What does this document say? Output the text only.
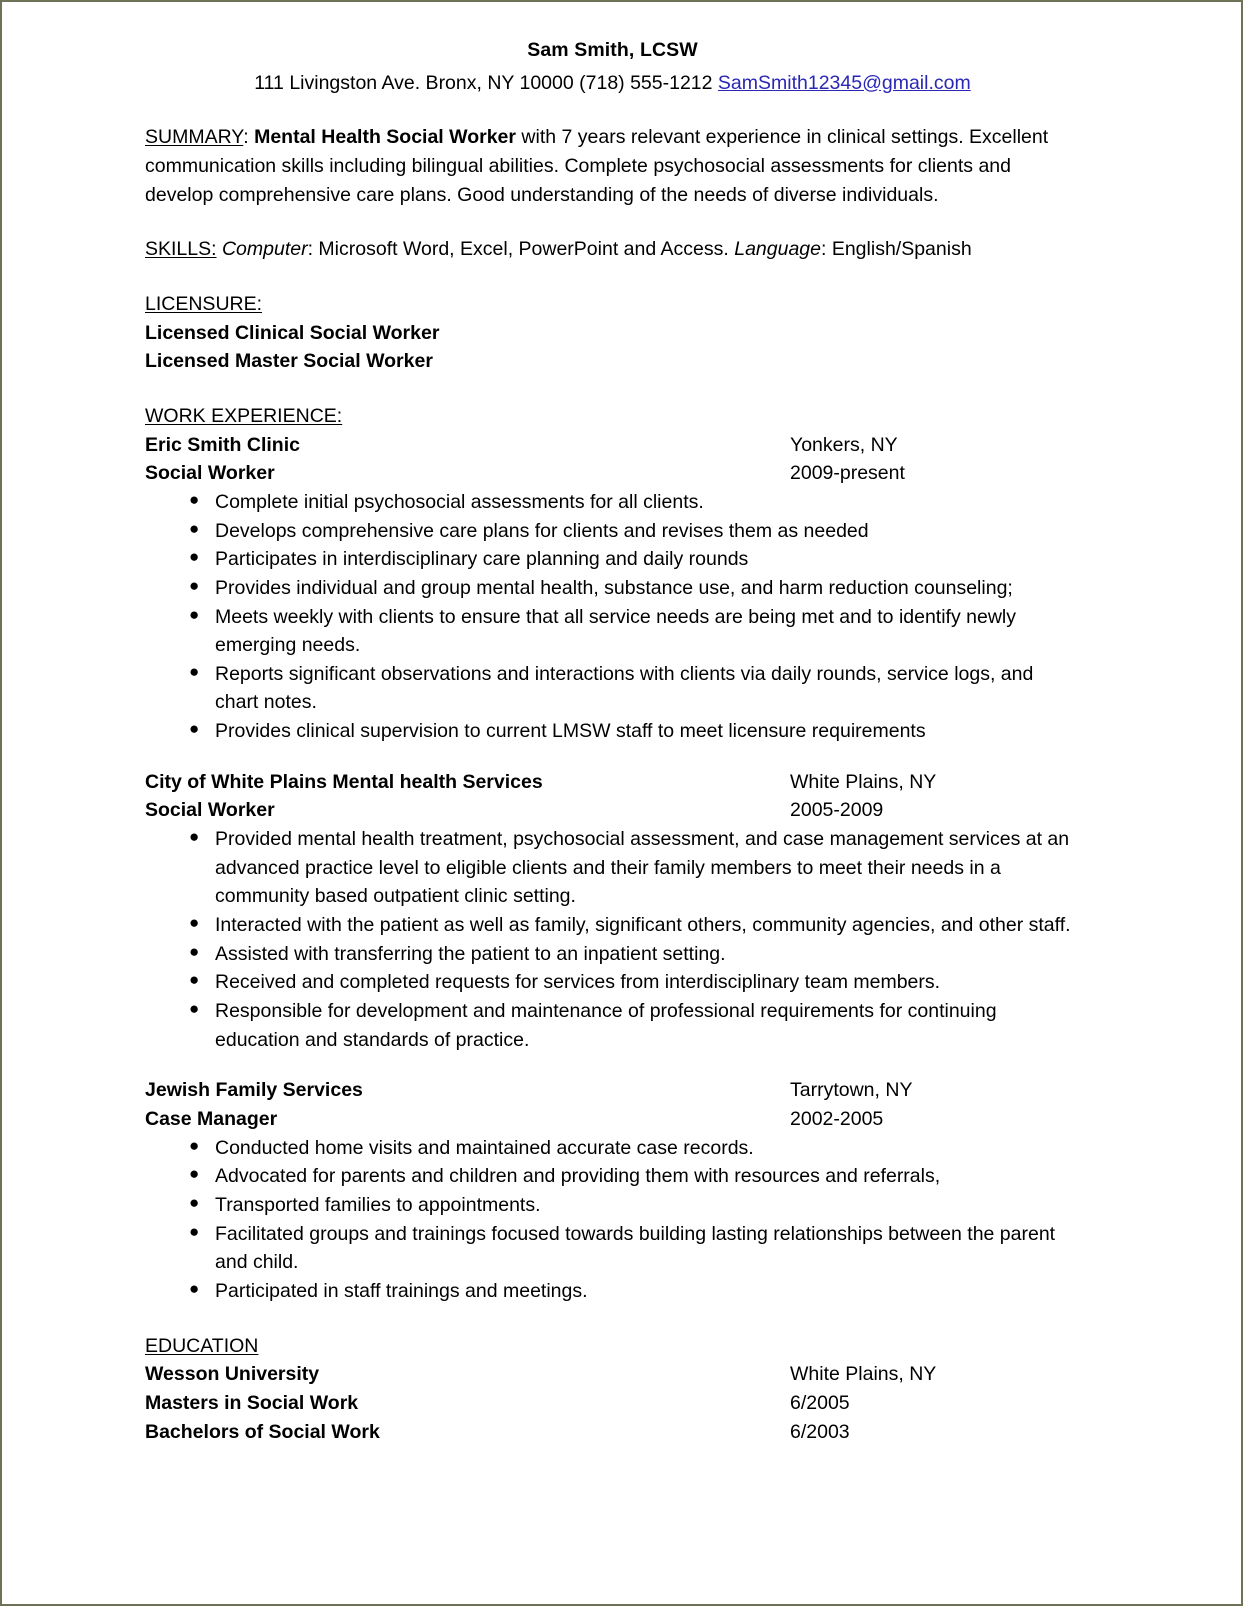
Sam Smith, LCSW
111 Livingston Ave. Bronx, NY 10000 (718) 555-1212 SamSmith12345@gmail.com

SUMMARY: Mental Health Social Worker with 7 years relevant experience in clinical settings. Excellent communication skills including bilingual abilities. Complete psychosocial assessments for clients and develop comprehensive care plans. Good understanding of the needs of diverse individuals.

SKILLS: Computer: Microsoft Word, Excel, PowerPoint and Access. Language: English/Spanish

LICENSURE:

Licensed Clinical Social Worker

Licensed Master Social Worker

WORK EXPERIENCE:

Eric Smith Clinic	Yonkers, NY
Social Worker	2009-present
● Complete initial psychosocial assessments for all clients.
● Develops comprehensive care plans for clients and revises them as needed
● Participates in interdisciplinary care planning and daily rounds
● Provides individual and group mental health, substance use, and harm reduction counseling;
● Meets weekly with clients to ensure that all service needs are being met and to identify newly emerging needs.
● Reports significant observations and interactions with clients via daily rounds, service logs, and chart notes.
● Provides clinical supervision to current LMSW staff to meet licensure requirements
City of White Plains Mental health Services	White Plains, NY
Social Worker	2005-2009
● Provided mental health treatment, psychosocial assessment, and case management services at an advanced practice level to eligible clients and their family members to meet their needs in a community based outpatient clinic setting.
● Interacted with the patient as well as family, significant others, community agencies, and other staff.
● Assisted with transferring the patient to an inpatient setting.
● Received and completed requests for services from interdisciplinary team members.
● Responsible for development and maintenance of professional requirements for continuing education and standards of practice.
Jewish Family Services	Tarrytown, NY
Case Manager	2002-2005
● Conducted home visits and maintained accurate case records.
● Advocated for parents and children and providing them with resources and referrals,
● Transported families to appointments.
● Facilitated groups and trainings focused towards building lasting relationships between the parent and child.
● Participated in staff trainings and meetings.

EDUCATION

Wesson University	White Plains, NY
Masters in Social Work	6/2005
Bachelors of Social Work	6/2003
